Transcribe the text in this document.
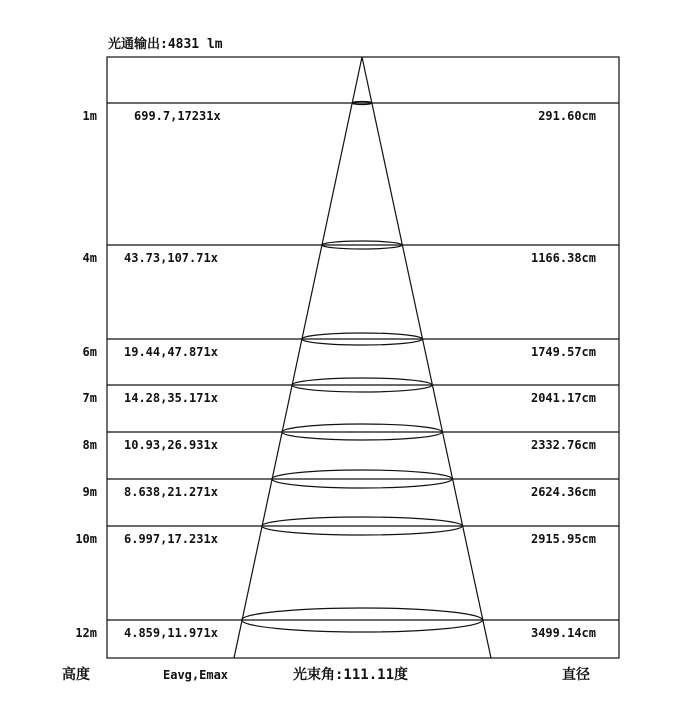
光通输出:4831 lm
1m	699.7,17231x	291.60cm
4m 43.73,107.71x	1166.38cm
6m 19.44,47.871x	1749.57cm
7m 14.28,35.171x	2041.17cm
8m 10.93,26.931x	2332.76cm
9m 8.638,21.271x	2624.36cm
10m 6.997,17.231x	2915.95cm
12m 4.859,11.971x	3499.14cm
高度	Eavg,Emax	光束角:111.11度	直径
